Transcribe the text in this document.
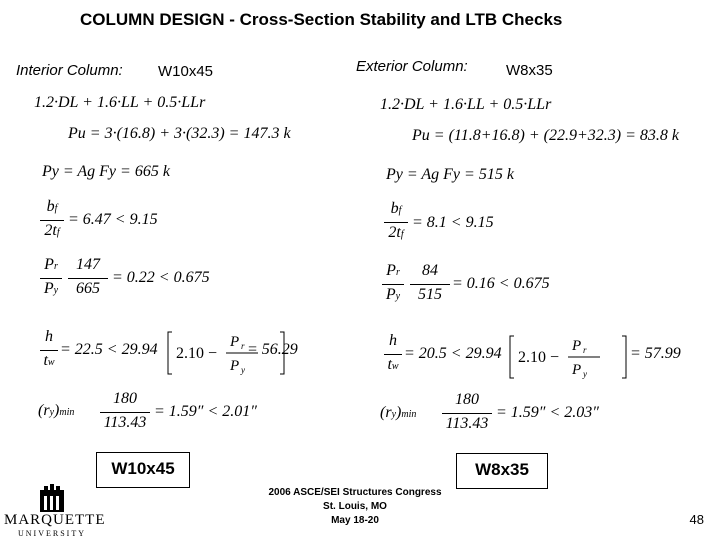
COLUMN DESIGN - Cross-Section Stability and LTB Checks
Interior Column: W10x45
1.2·DL + 1.6·LL + 0.5·LLr
Pu = 3·(16.8) + 3·(32.3) = 147.3 k
Py = Ag Fy = 665 k
bf
2tf
= 6.47 < 9.15
Pr
Py
147
665
= 0.22 < 0.675
h
tw
= 22.5 < 29.94 2.10 −
P r
P y
= 56.29
(ry)min
180
113.43
= 1.59″ < 2.01″
Exterior Column:	W8x35
1.2·DL + 1.6·LL + 0.5·LLr
Pu = (11.8+16.8) + (22.9+32.3) = 83.8 k
Py = Ag Fy = 515 k
bf
2tf
= 8.1 < 9.15
Pr
Py
84
515
= 0.16 < 0.675
h
tw
= 20.5 < 29.94 2.10 −
P r
P y
= 57.99
(ry)min
180
113.43
= 1.59″ < 2.03″
W10x45	W8x35
MARQUETTE
UNIVERSITY
2006 ASCE/SEI Structures Congress
St. Louis, MO
May 18-20	48
